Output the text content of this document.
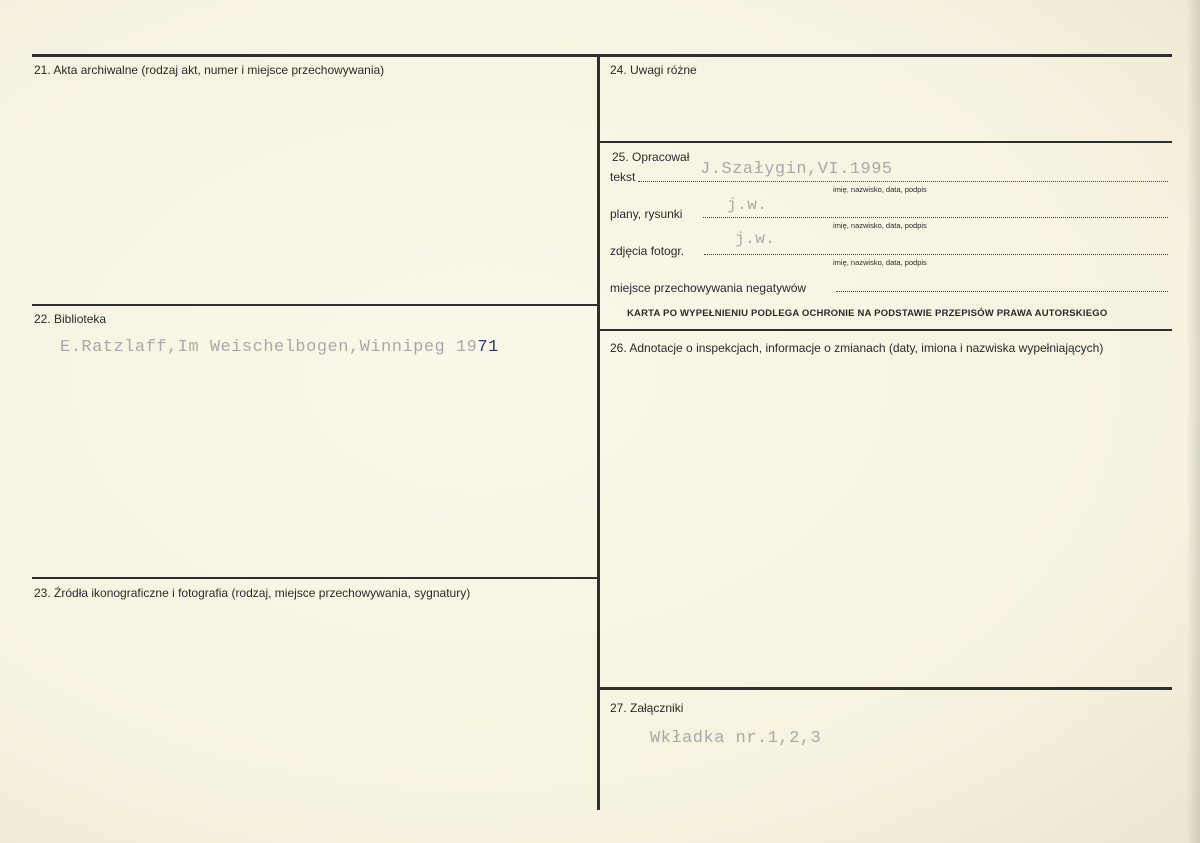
21. Akta archiwalne (rodzaj akt, numer i miejsce przechowywania)
22. Biblioteka
E.Ratzlaff,Im Weischelbogen,Winnipeg 1971
23. Źródła ikonograficzne i fotografia (rodzaj, miejsce przechowywania, sygnatury)
24. Uwagi różne
25. Opracował
tekst	J.Szałygin,VI.1995
imię, nazwisko, data, podpis
plany, rysunki	j.w.
imię, nazwisko, data, podpis
zdjęcia fotogr.
j.w.
imię, nazwisko, data, podpis
miejsce przechowywania negatywów
KARTA PO WYPEŁNIENIU PODLEGA OCHRONIE NA PODSTAWIE PRZEPISÓW PRAWA AUTORSKIEGO
26. Adnotacje o inspekcjach, informacje o zmianach (daty, imiona i nazwiska wypełniających)
27. Załączniki
Wkładka nr.1,2,3
